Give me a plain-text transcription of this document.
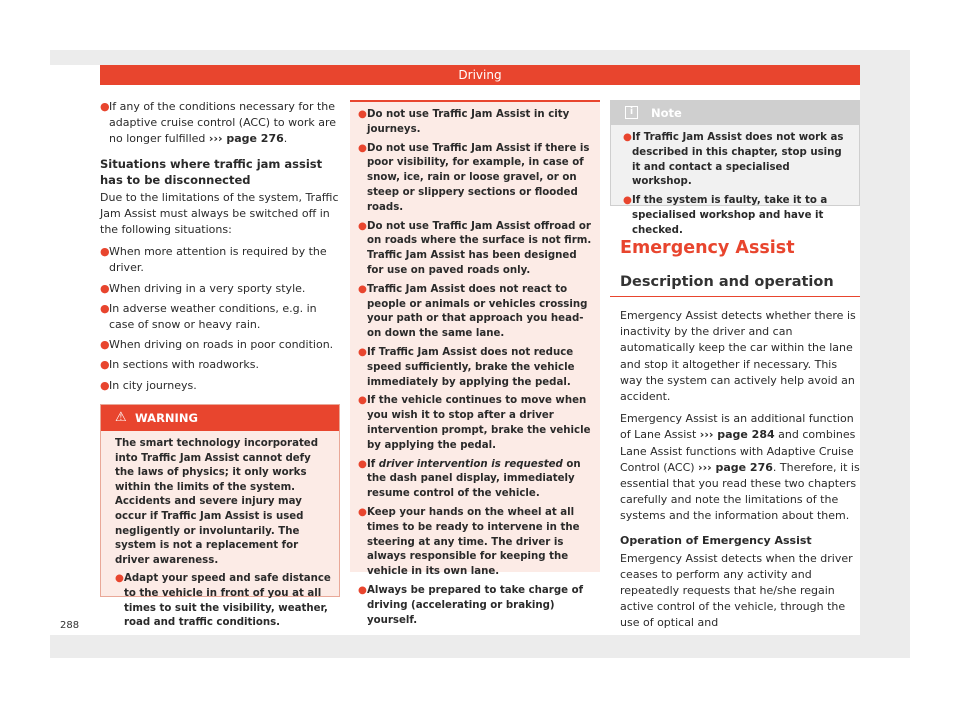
Driving
● If any of the conditions necessary for the adaptive cruise control (ACC) to work are no longer fulfilled ››› page 276.
Situations where traffic jam assist has to be disconnected

Due to the limitations of the system, Traffic Jam Assist must always be switched off in the following situations:

● When more attention is required by the driver.
● When driving in a very sporty style.
● In adverse weather conditions, e.g. in case of snow or heavy rain.
● When driving on roads in poor condition.
● In sections with roadworks.
● In city journeys.
⚠ WARNING
The smart technology incorporated into Traffic Jam Assist cannot defy the laws of physics; it only works within the limits of the system. Accidents and severe injury may occur if Traffic Jam Assist is used negligently or involuntarily. The system is not a replacement for driver awareness.
● Adapt your speed and safe distance to the vehicle in front of you at all times to suit the visibility, weather, road and traffic conditions.
● Do not use Traffic Jam Assist in city journeys.
● Do not use Traffic Jam Assist if there is poor visibility, for example, in case of snow, ice, rain or loose gravel, or on steep or slippery sections or flooded roads.
● Do not use Traffic Jam Assist offroad or on roads where the surface is not firm. Traffic Jam Assist has been designed for use on paved roads only.
● Traffic Jam Assist does not react to people or animals or vehicles crossing your path or that approach you head-on down the same lane.
● If Traffic Jam Assist does not reduce speed sufficiently, brake the vehicle immediately by applying the pedal.
● If the vehicle continues to move when you wish it to stop after a driver intervention prompt, brake the vehicle by applying the pedal.
● If driver intervention is requested on the dash panel display, immediately resume control of the vehicle.
● Keep your hands on the wheel at all times to be ready to intervene in the steering at any time. The driver is always responsible for keeping the vehicle in its own lane.
● Always be prepared to take charge of driving (accelerating or braking) yourself.
i	Note
● If Traffic Jam Assist does not work as described in this chapter, stop using it and contact a specialised workshop.
● If the system is faulty, take it to a specialised workshop and have it checked.
Emergency Assist
Description and operation

Emergency Assist detects whether there is inactivity by the driver and can automatically keep the car within the lane and stop it altogether if necessary. This way the system can actively help avoid an accident.

Emergency Assist is an additional function of Lane Assist ››› page 284 and combines Lane Assist functions with Adaptive Cruise Control (ACC) ››› page 276. Therefore, it is essential that you read these two chapters carefully and note the limitations of the systems and the information about them.

Operation of Emergency Assist

Emergency Assist detects when the driver ceases to perform any activity and repeatedly requests that he/she regain active control of the vehicle, through the use of optical and

288
